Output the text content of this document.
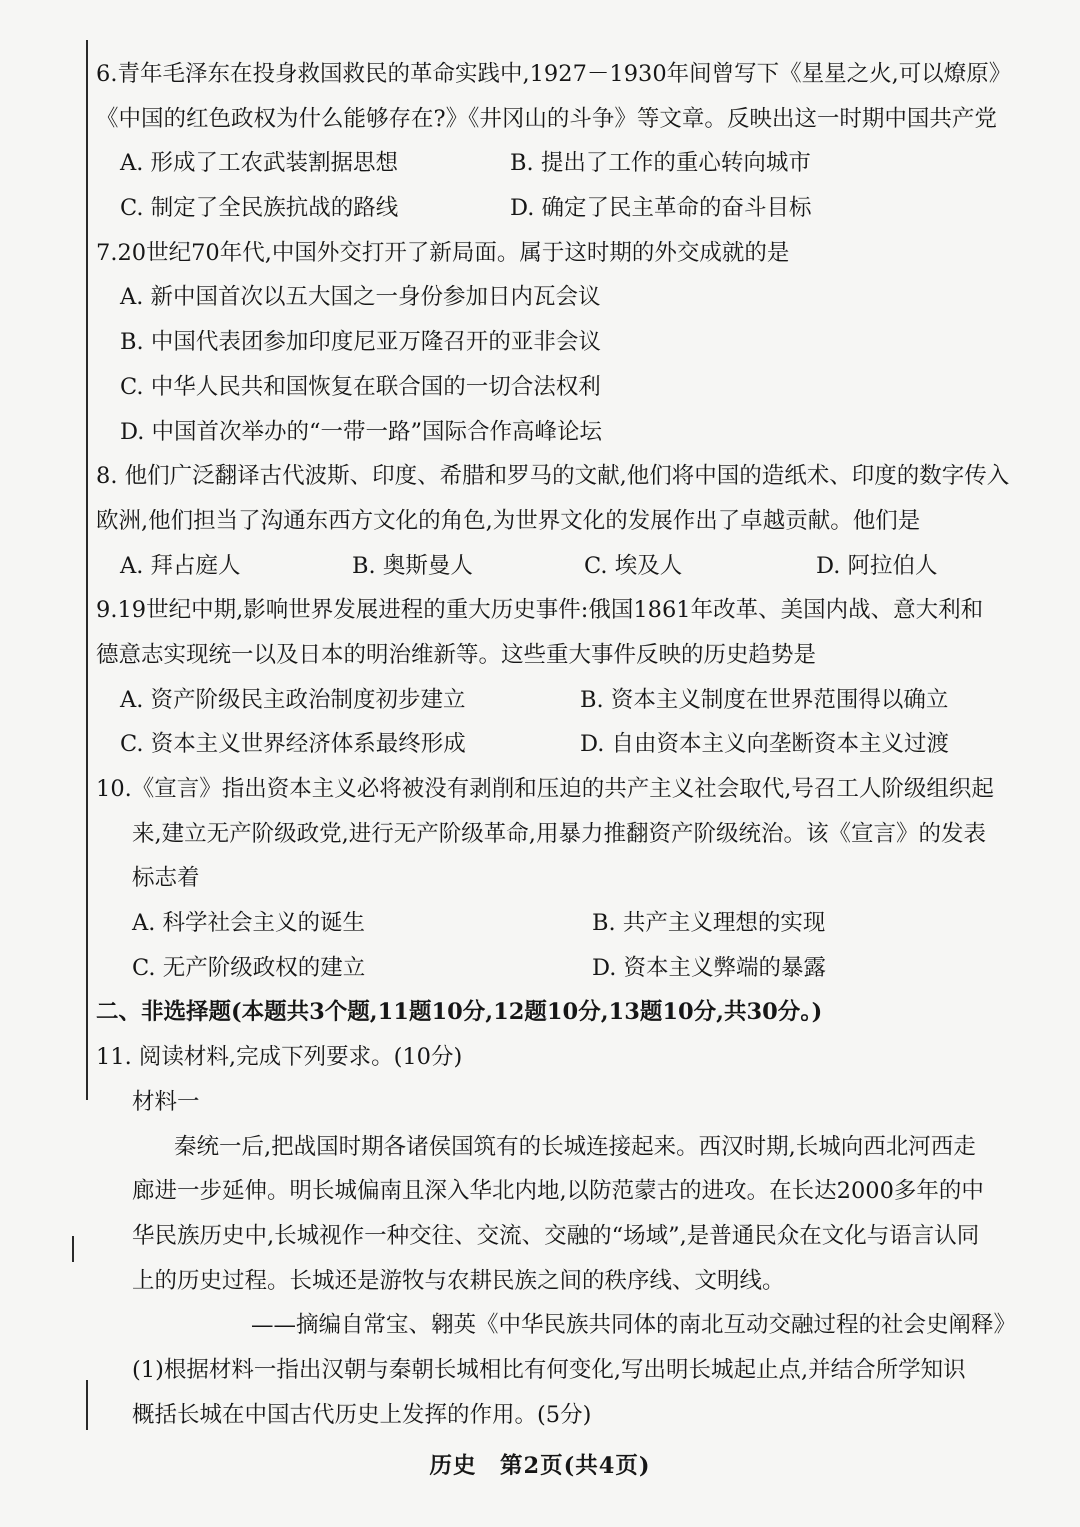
6.青年毛泽东在投身救国救民的革命实践中,1927－1930年间曾写下《星星之火,可以燎原》
《中国的红色政权为什么能够存在?》《井冈山的斗争》等文章。反映出这一时期中国共产党
A. 形成了工农武装割据思想	B. 提出了工作的重心转向城市
C. 制定了全民族抗战的路线	D. 确定了民主革命的奋斗目标
7.20世纪70年代,中国外交打开了新局面。属于这时期的外交成就的是
A. 新中国首次以五大国之一身份参加日内瓦会议
B. 中国代表团参加印度尼亚万隆召开的亚非会议
C. 中华人民共和国恢复在联合国的一切合法权利
D. 中国首次举办的“一带一路”国际合作高峰论坛
8. 他们广泛翻译古代波斯、印度、希腊和罗马的文献,他们将中国的造纸术、印度的数字传入
欧洲,他们担当了沟通东西方文化的角色,为世界文化的发展作出了卓越贡献。他们是
A. 拜占庭人	B. 奥斯曼人	C. 埃及人	D. 阿拉伯人
9.19世纪中期,影响世界发展进程的重大历史事件:俄国1861年改革、美国内战、意大利和
德意志实现统一以及日本的明治维新等。这些重大事件反映的历史趋势是
A. 资产阶级民主政治制度初步建立	B. 资本主义制度在世界范围得以确立
C. 资本主义世界经济体系最终形成	D. 自由资本主义向垄断资本主义过渡
10.《宣言》指出资本主义必将被没有剥削和压迫的共产主义社会取代,号召工人阶级组织起
来,建立无产阶级政党,进行无产阶级革命,用暴力推翻资产阶级统治。该《宣言》的发表
标志着
A. 科学社会主义的诞生	B. 共产主义理想的实现
C. 无产阶级政权的建立	D. 资本主义弊端的暴露
二、非选择题(本题共3个题,11题10分,12题10分,13题10分,共30分。)
11. 阅读材料,完成下列要求。(10分)
材料一
秦统一后,把战国时期各诸侯国筑有的长城连接起来。西汉时期,长城向西北河西走
廊进一步延伸。明长城偏南且深入华北内地,以防范蒙古的进攻。在长达2000多年的中
华民族历史中,长城视作一种交往、交流、交融的“场域”,是普通民众在文化与语言认同
上的历史过程。长城还是游牧与农耕民族之间的秩序线、文明线。
——摘编自常宝、翱英《中华民族共同体的南北互动交融过程的社会史阐释》
(1)根据材料一指出汉朝与秦朝长城相比有何变化,写出明长城起止点,并结合所学知识
概括长城在中国古代历史上发挥的作用。(5分)
历史　第2页(共4页)
